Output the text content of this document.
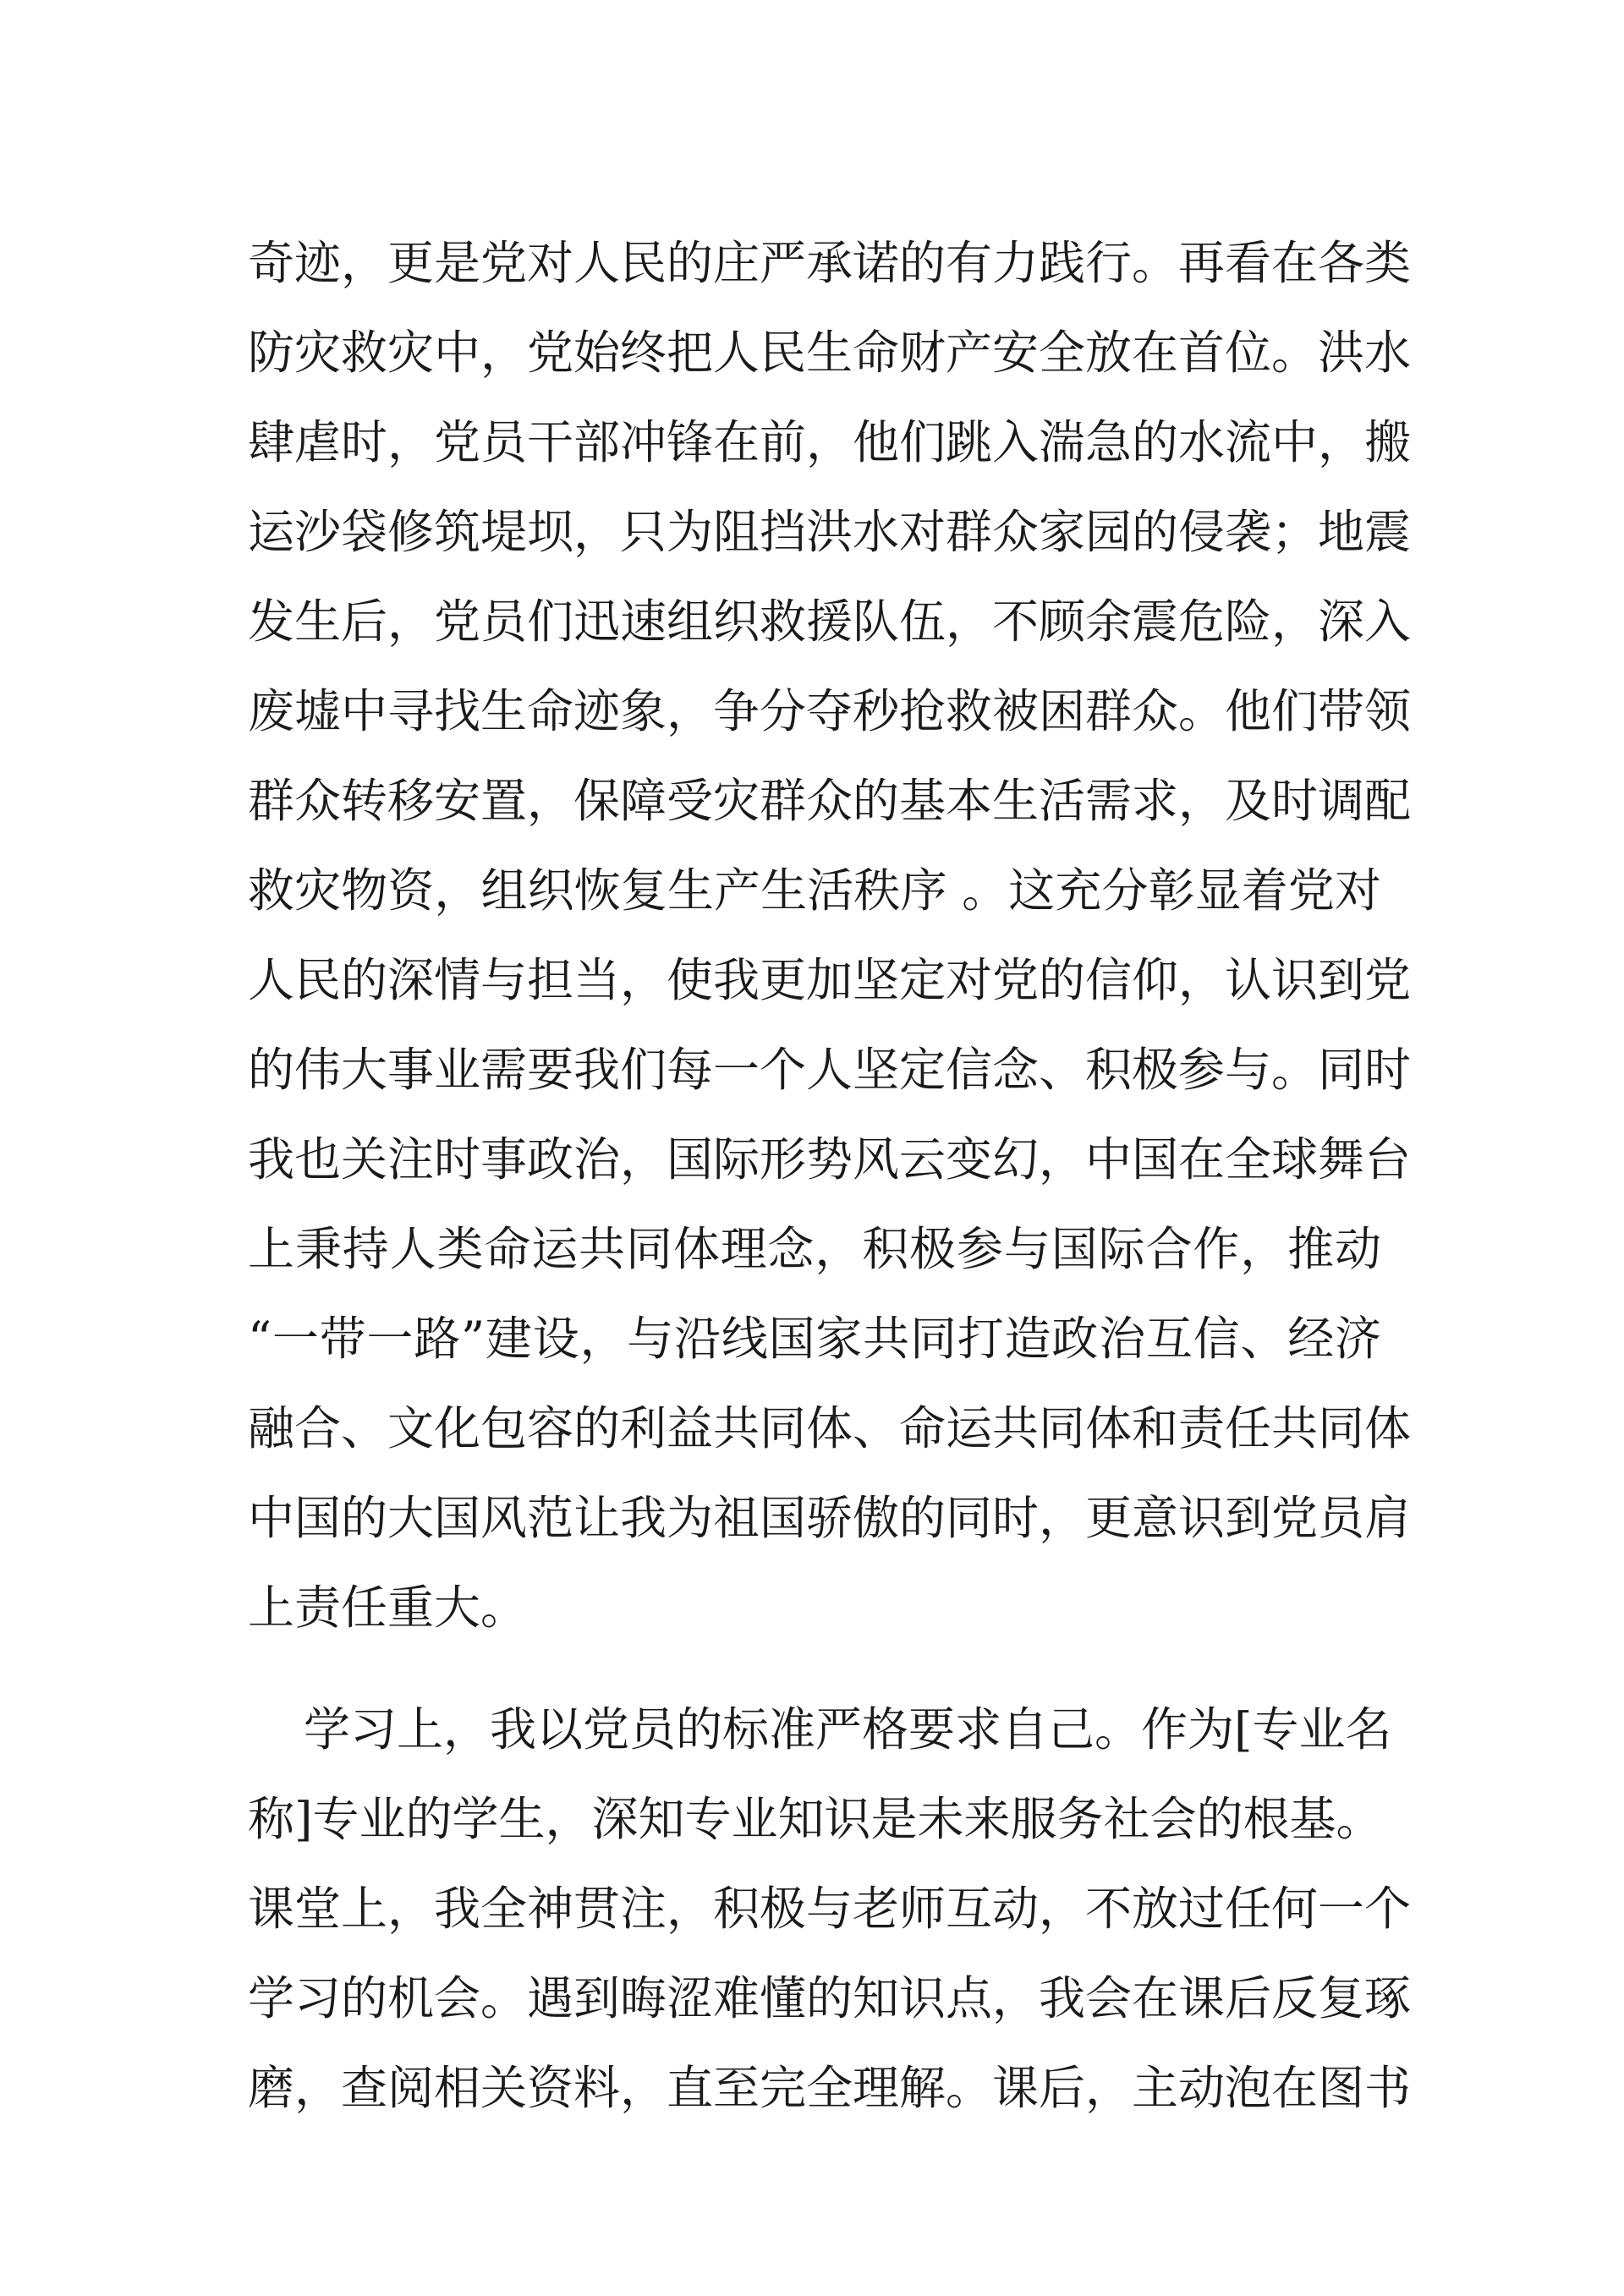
奇迹，更是党对人民的庄严承诺的有力践行。再看在各类
防灾救灾中，党始终把人民生命财产安全放在首位。洪水
肆虐时，党员干部冲锋在前，他们跳入湍急的水流中，搬
运沙袋修筑堤坝，只为阻挡洪水对群众家园的侵袭；地震
发生后，党员们迅速组织救援队伍，不顾余震危险，深入
废墟中寻找生命迹象，争分夺秒抢救被困群众。他们带领
群众转移安置，保障受灾群众的基本生活需求，及时调配
救灾物资，组织恢复生产生活秩序 。这充分彰显着党对
人民的深情与担当，使我更加坚定对党的信仰，认识到党
的伟大事业需要我们每一个人坚定信念、积极参与。同时
我也关注时事政治，国际形势风云变幻，中国在全球舞台
上秉持人类命运共同体理念，积极参与国际合作，推动
“一带一路”建设，与沿线国家共同打造政治互信、经济
融合、文化包容的利益共同体、命运共同体和责任共同体
中国的大国风范让我为祖国骄傲的同时，更意识到党员肩
上责任重大。
学习上，我以党员的标准严格要求自己。作为[专业名
称]专业的学生，深知专业知识是未来服务社会的根基。
课堂上，我全神贯注，积极与老师互动，不放过任何一个
学习的机会。遇到晦涩难懂的知识点，我会在课后反复琢
磨，查阅相关资料，直至完全理解。课后，主动泡在图书
